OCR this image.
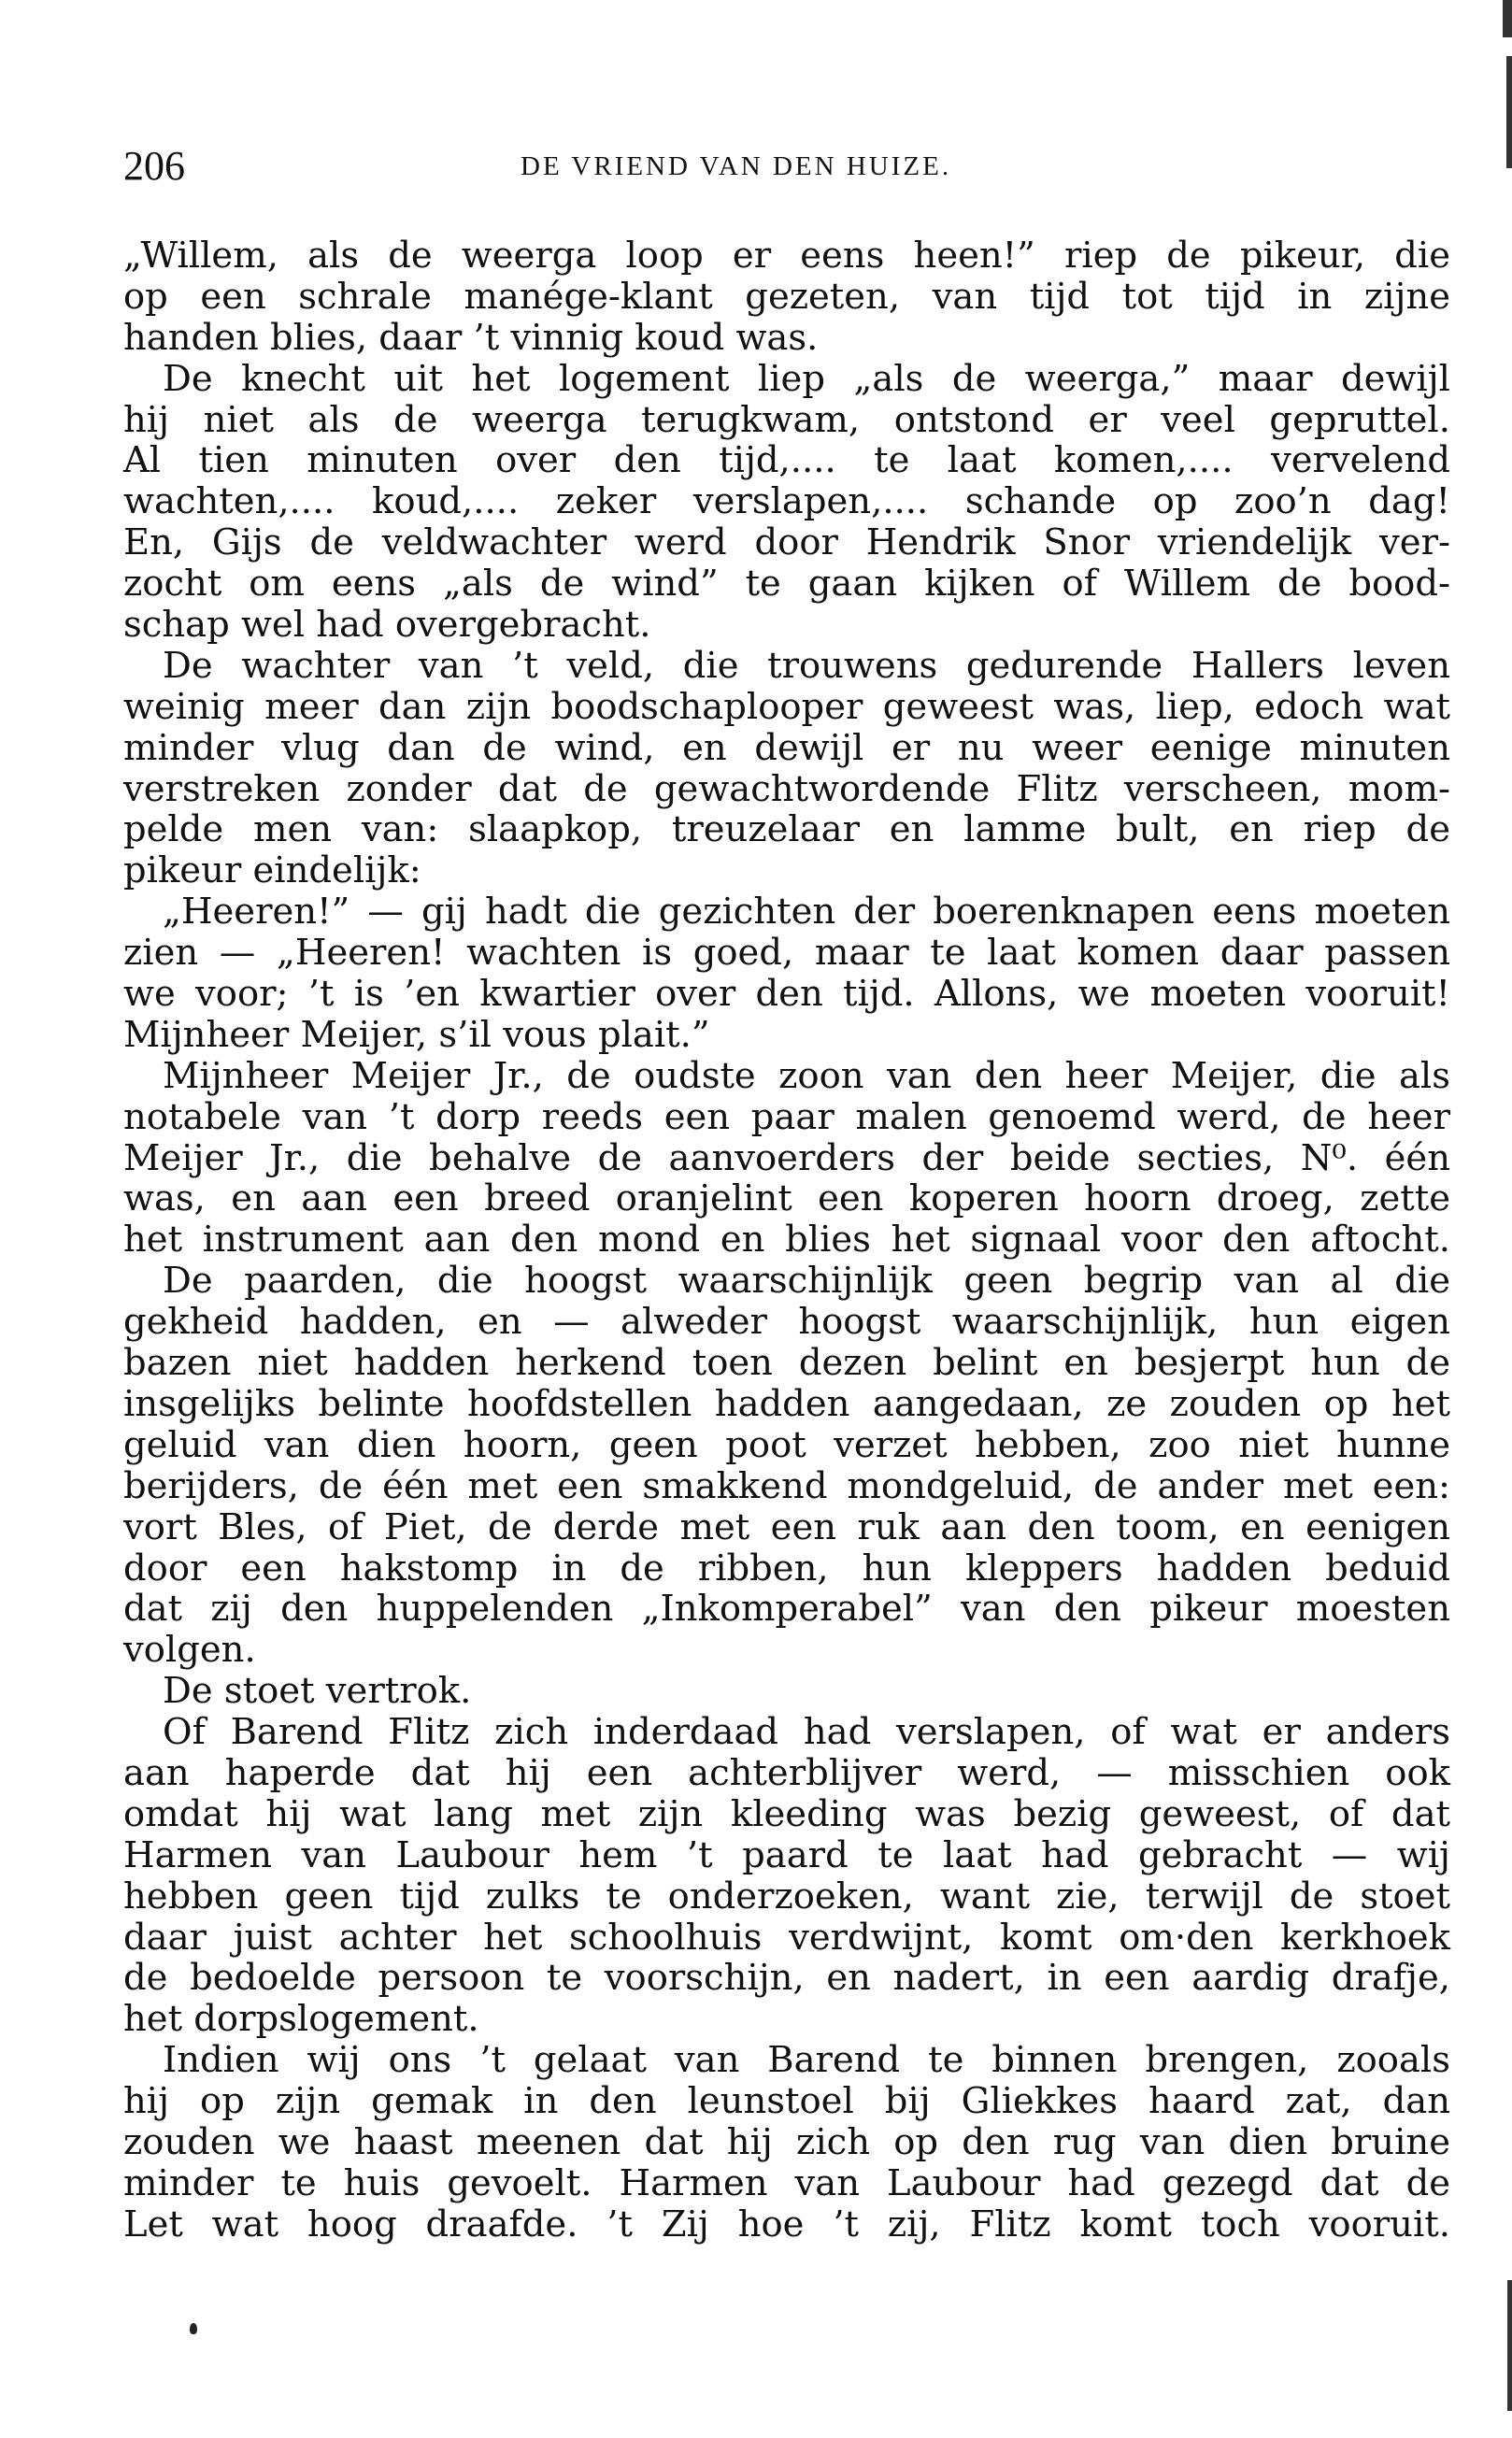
206	DE VRIEND VAN DEN HUIZE.
„Willem, als de weerga loop er eens heen!” riep de pikeur, die
op een schrale manége-klant gezeten, van tijd tot tijd in zijne
handen blies, daar ’t vinnig koud was.
De knecht uit het logement liep „als de weerga,” maar dewijl
hij niet als de weerga terugkwam, ontstond er veel gepruttel.
Al tien minuten over den tijd,.... te laat komen,.... vervelend
wachten,.... koud,.... zeker verslapen,.... schande op zoo’n dag!
En, Gijs de veldwachter werd door Hendrik Snor vriendelijk ver-
zocht om eens „als de wind” te gaan kijken of Willem de bood-
schap wel had overgebracht.
De wachter van ’t veld, die trouwens gedurende Hallers leven
weinig meer dan zijn boodschaplooper geweest was, liep, edoch wat
minder vlug dan de wind, en dewijl er nu weer eenige minuten
verstreken zonder dat de gewachtwordende Flitz verscheen, mom-
pelde men van: slaapkop, treuzelaar en lamme bult, en riep de
pikeur eindelijk:
„Heeren!” — gij hadt die gezichten der boerenknapen eens moeten
zien — „Heeren! wachten is goed, maar te laat komen daar passen
we voor; ’t is ’en kwartier over den tijd. Allons, we moeten vooruit!
Mijnheer Meijer, s’il vous plait.”
Mijnheer Meijer Jr., de oudste zoon van den heer Meijer, die als
notabele van ’t dorp reeds een paar malen genoemd werd, de heer
Meijer Jr., die behalve de aanvoerders der beide secties, N⁰. één
was, en aan een breed oranjelint een koperen hoorn droeg, zette
het instrument aan den mond en blies het signaal voor den aftocht.
De paarden, die hoogst waarschijnlijk geen begrip van al die
gekheid hadden, en — alweder hoogst waarschijnlijk, hun eigen
bazen niet hadden herkend toen dezen belint en besjerpt hun de
insgelijks belinte hoofdstellen hadden aangedaan, ze zouden op het
geluid van dien hoorn, geen poot verzet hebben, zoo niet hunne
berijders, de één met een smakkend mondgeluid, de ander met een:
vort Bles, of Piet, de derde met een ruk aan den toom, en eenigen
door een hakstomp in de ribben, hun kleppers hadden beduid
dat zij den huppelenden „Inkomperabel” van den pikeur moesten
volgen.
De stoet vertrok.
Of Barend Flitz zich inderdaad had verslapen, of wat er anders
aan haperde dat hij een achterblijver werd, — misschien ook
omdat hij wat lang met zijn kleeding was bezig geweest, of dat
Harmen van Laubour hem ’t paard te laat had gebracht — wij
hebben geen tijd zulks te onderzoeken, want zie, terwijl de stoet
daar juist achter het schoolhuis verdwijnt, komt om·den kerkhoek
de bedoelde persoon te voorschijn, en nadert, in een aardig drafje,
het dorpslogement.
Indien wij ons ’t gelaat van Barend te binnen brengen, zooals
hij op zijn gemak in den leunstoel bij Gliekkes haard zat, dan
zouden we haast meenen dat hij zich op den rug van dien bruine
minder te huis gevoelt. Harmen van Laubour had gezegd dat de
Let wat hoog draafde. ’t Zij hoe ’t zij, Flitz komt toch vooruit.
